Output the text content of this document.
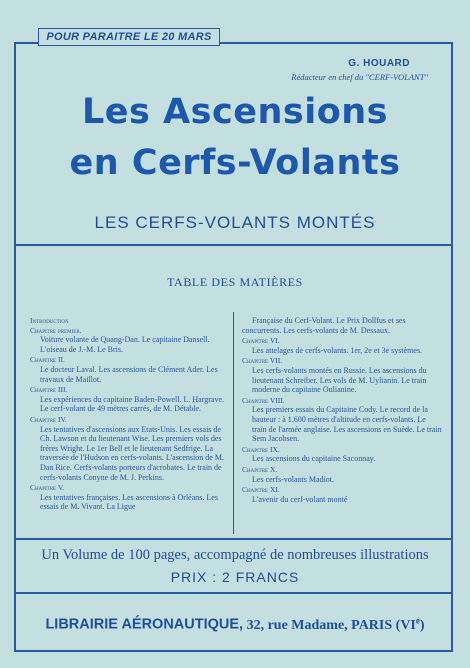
POUR PARAITRE LE 20 MARS
G. HOUARD
Rédacteur en chef du "CERF-VOLANT"
Les Ascensions
en Cerfs-Volants
LES CERFS-VOLANTS MONTÉS
TABLE DES MATIÈRES
Introduction
Chapitre premier.
Voiture volante de Quang-Dan. Le capitaine Dansell. L'oiseau de J.-M. Le Bris.
Chapitre II.
Le docteur Laval. Les ascensions de Clément Ader. Les travaux de Maillot.
Chapitre III.
Les expériences du capitaine Baden-Powell. L. Hargrave. Le cerf-volant de 49 mètres carrés, de M. Détable.
Chapitre IV.
Les tentatives d'ascensions aux Etats-Unis. Les essais de Ch. Lawson et du lieutenant Wise. Les premiers vols des frères Wright. Le 1er Bell et le lieutenant Sedfrige. La traversée de l'Hudson en cerfs-volants. L'ascension de M. Dan Rice. Cerfs-volants porteurs d'acrobates. Le train de cerfs-volants Conyne de M. J. Perkins.
Chapitre V.
Les tentatives françaises. Les ascensions à Orléans. Les essais de M. Vivant. La Ligue
Française du Cerf-Volant. Le Prix Dollfus et ses concurrents. Les cerfs-volants de M. Dessaux.
Chapitre VI.
Les attelages de cerfs-volants. 1er, 2e et 3e systèmes.
Chapitre VII.
Les cerfs-volants montés en Russie. Les ascensions du lieutenant Schreiber. Les vols de M. Uylianin. Le train moderne du capitaine Oulianine.
Chapitre VIII.
Les premiers essais du Capitaine Cody. Le record de la hauteur : à 1.600 mètres d'altitude en cerfs-volants. Le train de l'armée anglaise. Les ascensions en Suède. Le train Sem Jacobsen.
Chapitre IX.
Les ascensions du capitaine Saconnay.
Chapitre X.
Les cerfs-volants Madiot.
Chapitre XI.
L'avenir du cerf-volant monté
Un Volume de 100 pages, accompagné de nombreuses illustrations
PRIX : 2 FRANCS
LIBRAIRIE AÉRONAUTIQUE, 32, rue Madame, PARIS (VIe)
